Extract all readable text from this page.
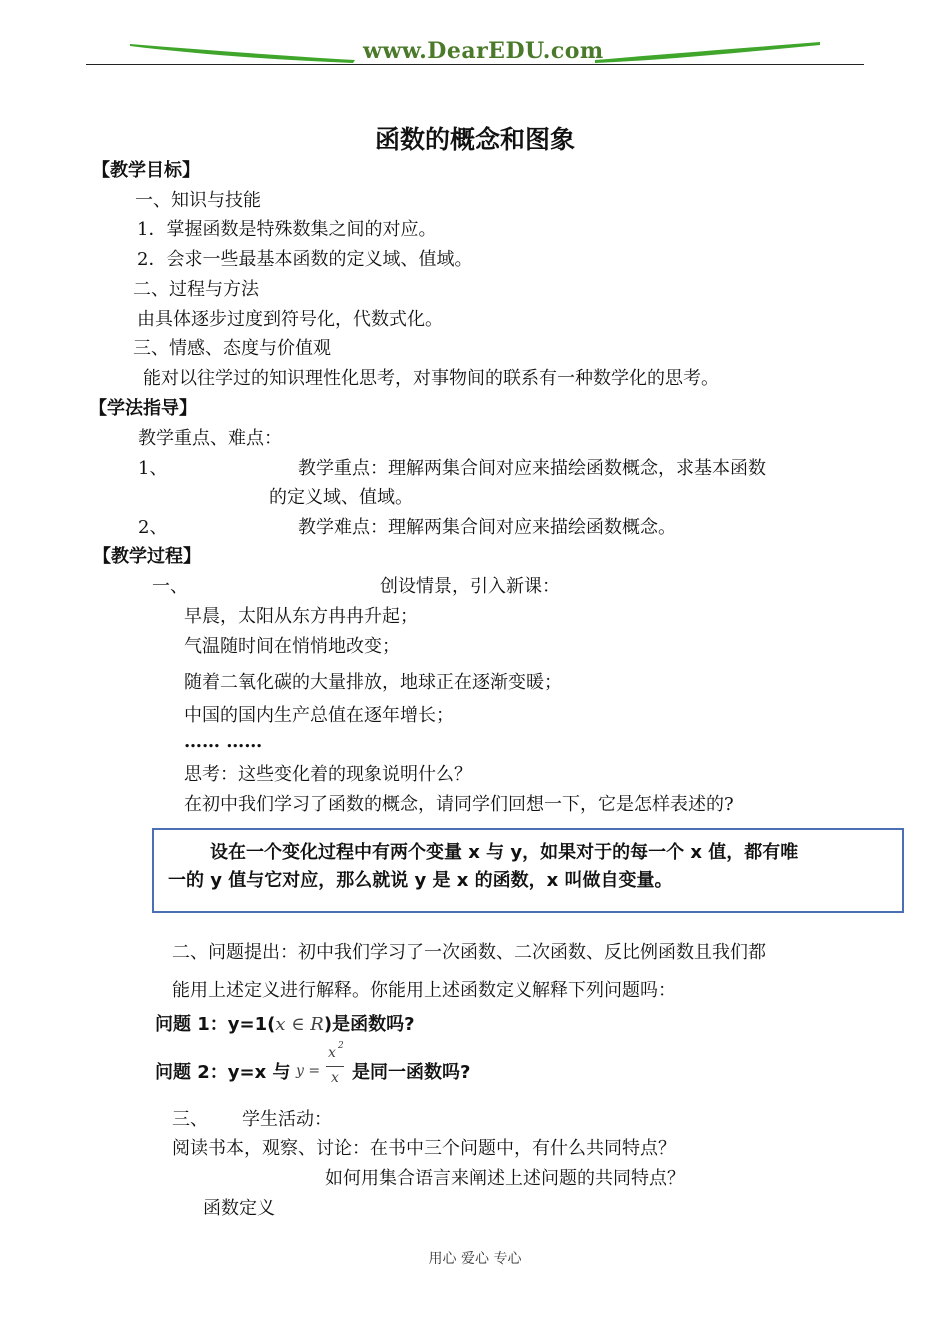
www.DearEDU.com
函数的概念和图象
【教学目标】
一、知识与技能
1．掌握函数是特殊数集之间的对应。
2．会求一些最基本函数的定义域、值域。
二、过程与方法
由具体逐步过度到符号化，代数式化。
三、情感、态度与价值观
能对以往学过的知识理性化思考，对事物间的联系有一种数学化的思考。
【学法指导】
教学重点、难点：
1、	教学重点：理解两集合间对应来描绘函数概念，求基本函数
的定义域、值域。
2、	教学难点：理解两集合间对应来描绘函数概念。
【教学过程】
一、	创设情景，引入新课：
早晨，太阳从东方冉冉升起；
气温随时间在悄悄地改变；
随着二氧化碳的大量排放，地球正在逐渐变暖；
中国的国内生产总值在逐年增长；
…… ……
思考：这些变化着的现象说明什么？
在初中我们学习了函数的概念，请同学们回想一下，它是怎样表述的?
设在一个变化过程中有两个变量 x 与 y，如果对于的每一个 x 值，都有唯
一的 y 值与它对应，那么就说 y 是 x 的函数，x 叫做自变量。
二、问题提出：初中我们学习了一次函数、二次函数、反比例函数且我们都
能用上述定义进行解释。你能用上述函数定义解释下列问题吗：
问题 1：y=1(x ∈ R)是函数吗?
问题 2：y=x 与 y =
x 2
x 是同一函数吗?
三、 学生活动：
阅读书本，观察、讨论：在书中三个问题中，有什么共同特点？
如何用集合语言来阐述上述问题的共同特点？
函数定义
用心 爱心 专心
